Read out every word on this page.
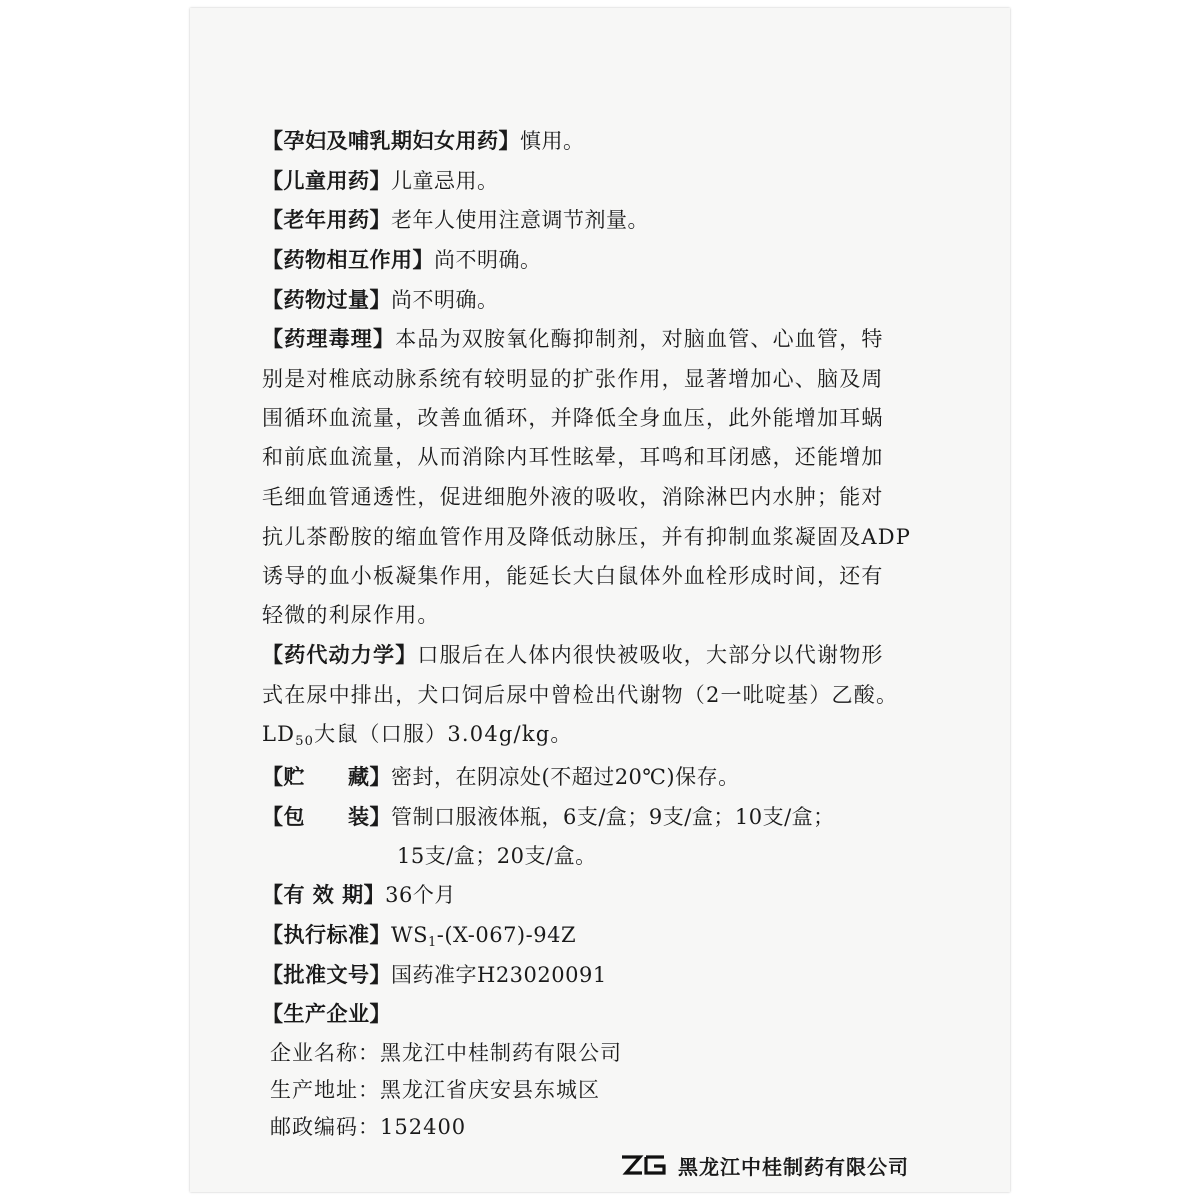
【孕妇及哺乳期妇女用药】慎用。
【儿童用药】儿童忌用。
【老年用药】老年人使用注意调节剂量。
【药物相互作用】尚不明确。
【药物过量】尚不明确。
【药理毒理】本品为双胺氧化酶抑制剂，对脑血管、心血管，特
别是对椎底动脉系统有较明显的扩张作用，显著增加心、脑及周
围循环血流量，改善血循环，并降低全身血压，此外能增加耳蜗
和前底血流量，从而消除内耳性眩晕，耳鸣和耳闭感，还能增加
毛细血管通透性，促进细胞外液的吸收，消除淋巴内水肿；能对
抗儿茶酚胺的缩血管作用及降低动脉压，并有抑制血浆凝固及ADP
诱导的血小板凝集作用，能延长大白鼠体外血栓形成时间，还有
轻微的利尿作用。
【药代动力学】口服后在人体内很快被吸收，大部分以代谢物形
式在尿中排出，犬口饲后尿中曾检出代谢物（2一吡啶基）乙酸。
$LD_{50}$大鼠（口服）3.04g/kg。
【贮　　藏】密封，在阴凉处(不超过20℃)保存。
【包　　装】管制口服液体瓶，6支/盒；9支/盒；10支/盒；
15支/盒；20支/盒。
【有 效 期】36个月
【执行标准】$WS_1-(X-067)-94Z$
【批准文号】国药准字H23020091
【生产企业】
企业名称：黑龙江中桂制药有限公司
生产地址：黑龙江省庆安县东城区
邮政编码：152400
黑龙江中桂制药有限公司
